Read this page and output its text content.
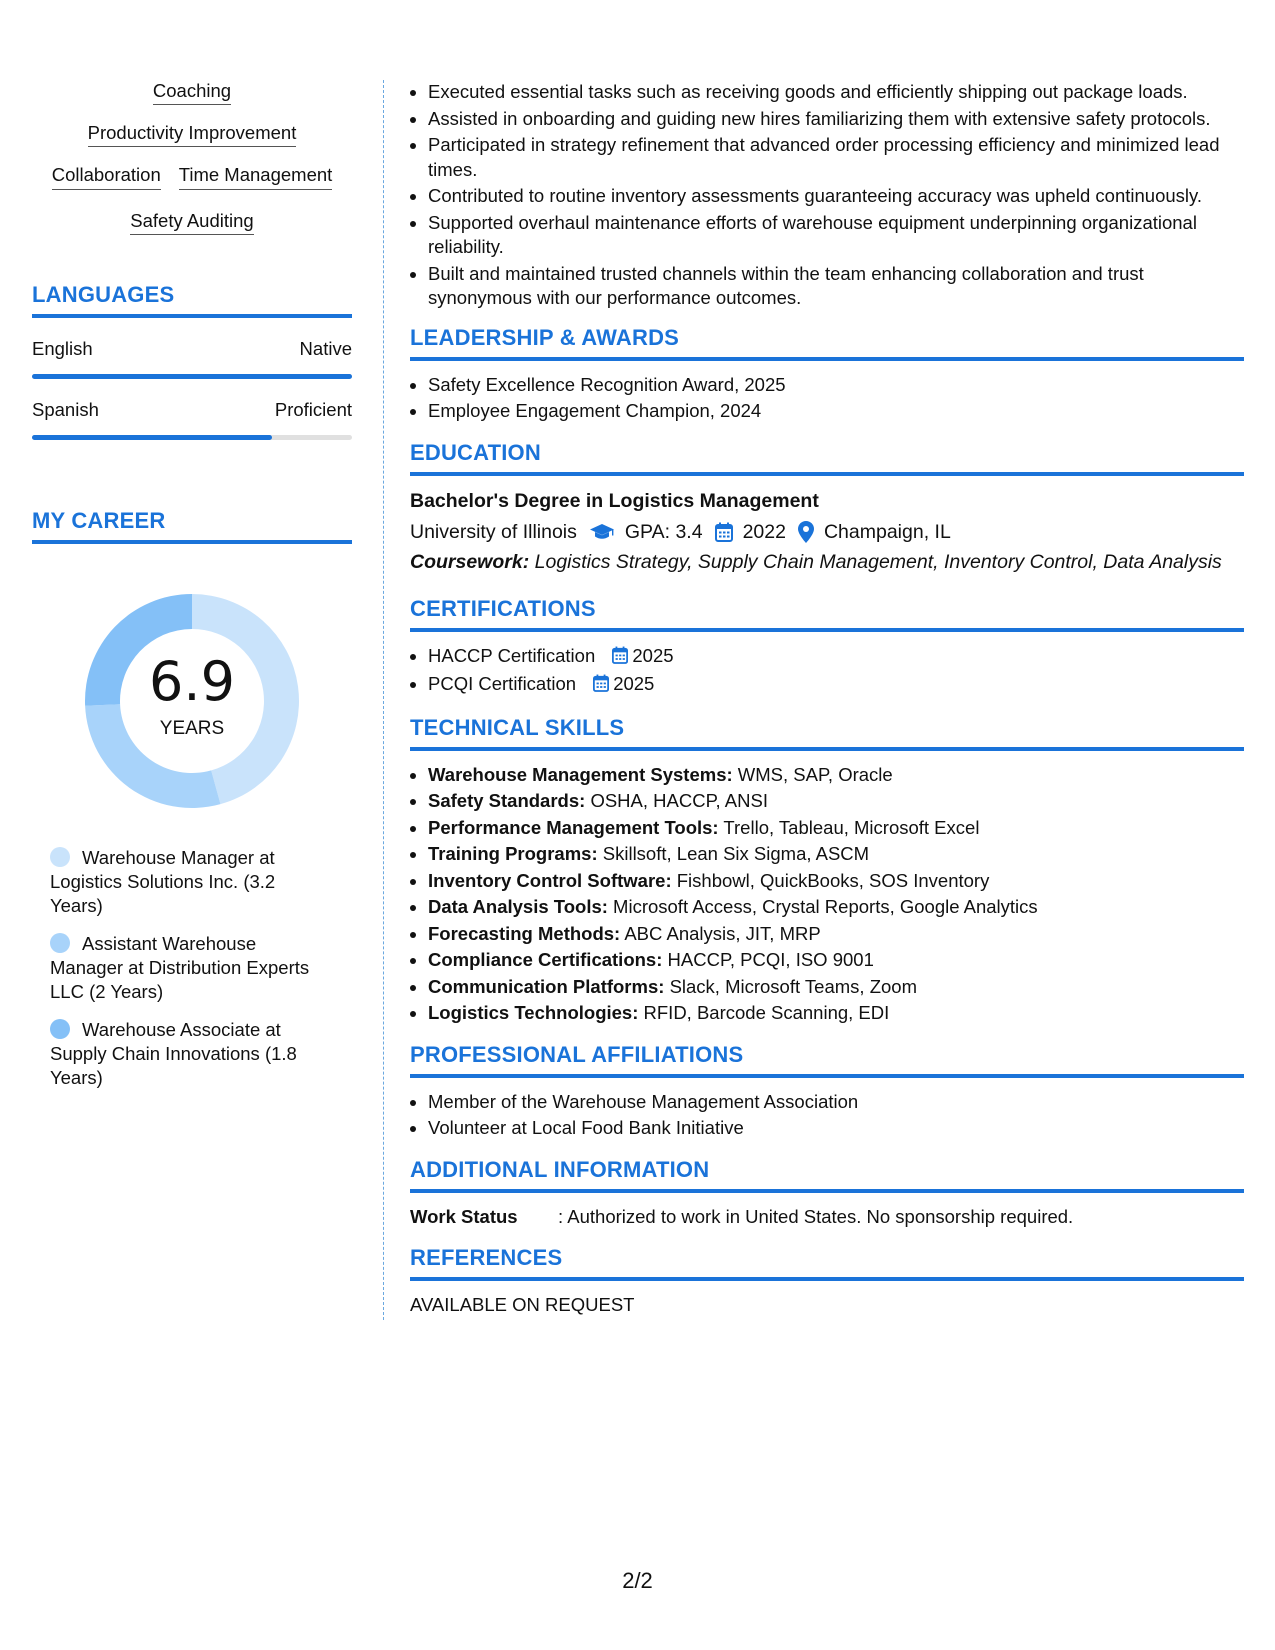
Coaching
Productivity Improvement
Collaboration Time Management
Safety Auditing
LANGUAGES
English	Native
Spanish	Proficient
MY CAREER
6.9
YEARS
Warehouse Manager at Logistics Solutions Inc. (3.2 Years)
Assistant Warehouse Manager at Distribution Experts LLC (2 Years)
Warehouse Associate at Supply Chain Innovations (1.8 Years)
• Executed essential tasks such as receiving goods and efficiently shipping out package loads.
• Assisted in onboarding and guiding new hires familiarizing them with extensive safety protocols.
• Participated in strategy refinement that advanced order processing efficiency and minimized lead times.
• Contributed to routine inventory assessments guaranteeing accuracy was upheld continuously.
• Supported overhaul maintenance efforts of warehouse equipment underpinning organizational reliability.
• Built and maintained trusted channels within the team enhancing collaboration and trust synonymous with our performance outcomes.
LEADERSHIP & AWARDS
• Safety Excellence Recognition Award, 2025
• Employee Engagement Champion, 2024
EDUCATION
Bachelor's Degree in Logistics Management
University of Illinois GPA: 3.4 2022 Champaign, IL
Coursework: Logistics Strategy, Supply Chain Management, Inventory Control, Data Analysis
CERTIFICATIONS
• HACCP Certification 2025
• PCQI Certification 2025
TECHNICAL SKILLS
• Warehouse Management Systems: WMS, SAP, Oracle
• Safety Standards: OSHA, HACCP, ANSI
• Performance Management Tools: Trello, Tableau, Microsoft Excel
• Training Programs: Skillsoft, Lean Six Sigma, ASCM
• Inventory Control Software: Fishbowl, QuickBooks, SOS Inventory
• Data Analysis Tools: Microsoft Access, Crystal Reports, Google Analytics
• Forecasting Methods: ABC Analysis, JIT, MRP
• Compliance Certifications: HACCP, PCQI, ISO 9001
• Communication Platforms: Slack, Microsoft Teams, Zoom
• Logistics Technologies: RFID, Barcode Scanning, EDI
PROFESSIONAL AFFILIATIONS
• Member of the Warehouse Management Association
• Volunteer at Local Food Bank Initiative
ADDITIONAL INFORMATION
Work Status	: Authorized to work in United States. No sponsorship required.
REFERENCES
AVAILABLE ON REQUEST
2/2
